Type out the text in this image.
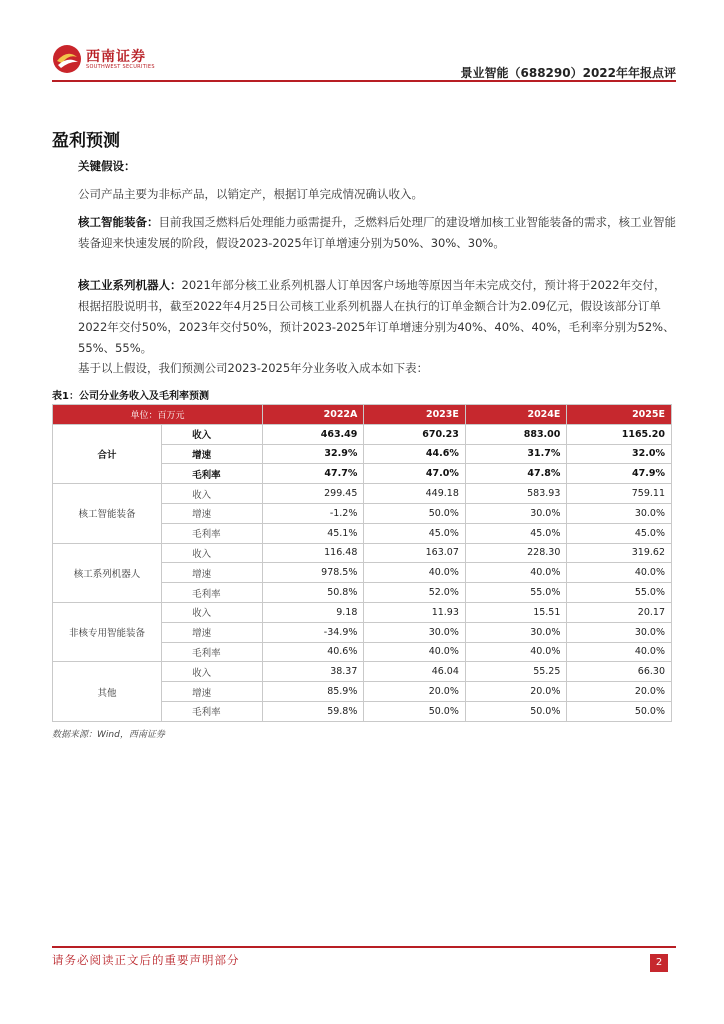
西南证券
SOUTHWEST SECURITIES	景业智能（688290）2022年年报点评
盈利预测
关键假设：
公司产品主要为非标产品，以销定产，根据订单完成情况确认收入。
核工智能装备：目前我国乏燃料后处理能力亟需提升，乏燃料后处理厂的建设增加核工业智能装备的需求，核工业智能装备迎来快速发展的阶段，假设2023-2025年订单增速分别为50%、30%、30%。
核工业系列机器人：2021年部分核工业系列机器人订单因客户场地等原因当年未完成交付，预计将于2022年交付，根据招股说明书，截至2022年4月25日公司核工业系列机器人在执行的订单金额合计为2.09亿元，假设该部分订单2022年交付50%，2023年交付50%，预计2023-2025年订单增速分别为40%、40%、40%，毛利率分别为52%、55%、55%。
基于以上假设，我们预测公司2023-2025年分业务收入成本如下表：
表1：公司分业务收入及毛利率预测
单位：百万元		2022A	2023E	2024E	2025E
合计	收入	463.49	670.23	883.00	1165.20
	增速	32.9%	44.6%	31.7%	32.0%
	毛利率	47.7%	47.0%	47.8%	47.9%
核工智能装备	收入	299.45	449.18	583.93	759.11
	增速	-1.2%	50.0%	30.0%	30.0%
	毛利率	45.1%	45.0%	45.0%	45.0%
核工系列机器人	收入	116.48	163.07	228.30	319.62
	增速	978.5%	40.0%	40.0%	40.0%
	毛利率	50.8%	52.0%	55.0%	55.0%
非核专用智能装备	收入	9.18	11.93	15.51	20.17
	增速	-34.9%	30.0%	30.0%	30.0%
	毛利率	40.6%	40.0%	40.0%	40.0%
其他	收入	38.37	46.04	55.25	66.30
	增速	85.9%	20.0%	20.0%	20.0%
	毛利率	59.8%	50.0%	50.0%	50.0%
数据来源：Wind，西南证券
请务必阅读正文后的重要声明部分	2
